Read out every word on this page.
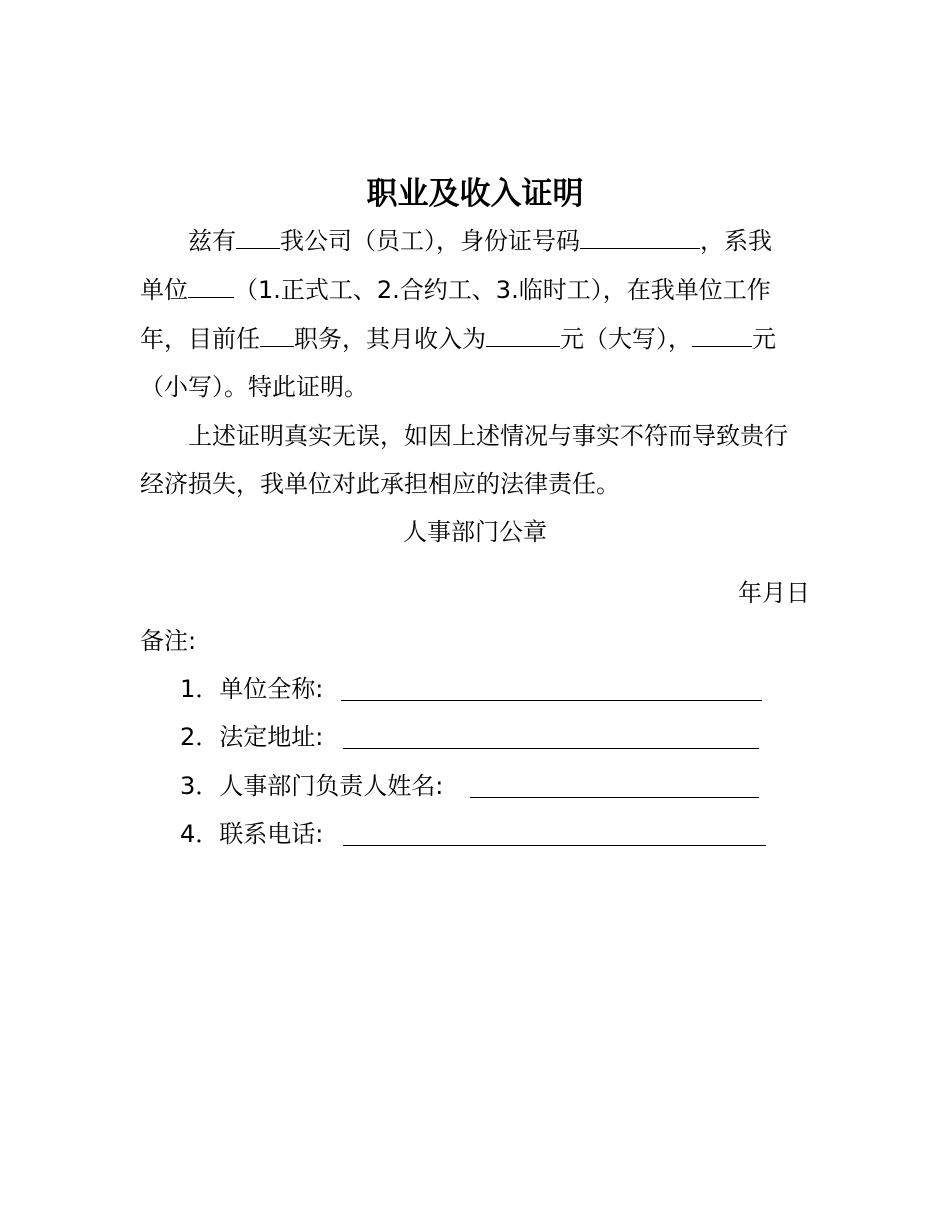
职业及收入证明
兹有 我公司（员工），身份证号码	，系我
单位 （1.正式工、2.合约工、3.临时工），在我单位工作
年，目前任 职务，其月收入为	元（大写），	元
（小写）。特此证明。
上述证明真实无误，如因上述情况与事实不符而导致贵行
经济损失，我单位对此承担相应的法律责任。
人事部门公章
年月日
备注:
1．单位全称:
2．法定地址:
3．人事部门负责人姓名:
4．联系电话:
